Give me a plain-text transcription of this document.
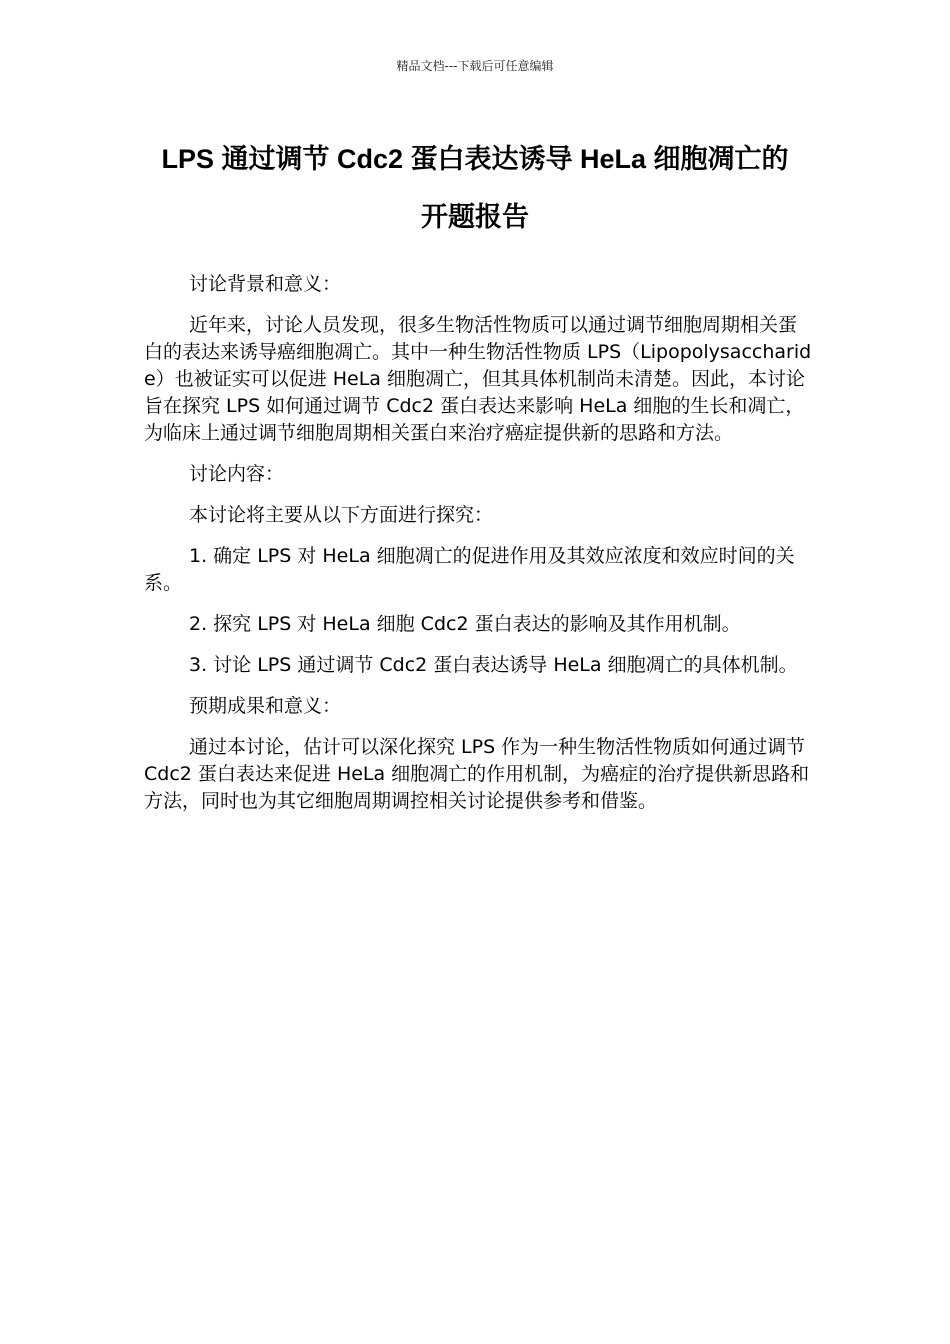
精品文档---下载后可任意编辑
LPS 通过调节 Cdc2 蛋白表达诱导 HeLa 细胞凋亡的
开题报告

讨论背景和意义：

近年来，讨论人员发现，很多生物活性物质可以通过调节细胞周期相关蛋白的表达来诱导癌细胞凋亡。其中一种生物活性物质 LPS（Lipopolysaccharide）也被证实可以促进 HeLa 细胞凋亡，但其具体机制尚未清楚。因此，本讨论旨在探究 LPS 如何通过调节 Cdc2 蛋白表达来影响 HeLa 细胞的生长和凋亡，为临床上通过调节细胞周期相关蛋白来治疗癌症提供新的思路和方法。

讨论内容：

本讨论将主要从以下方面进行探究：

1. 确定 LPS 对 HeLa 细胞凋亡的促进作用及其效应浓度和效应时间的关系。

2. 探究 LPS 对 HeLa 细胞 Cdc2 蛋白表达的影响及其作用机制。

3. 讨论 LPS 通过调节 Cdc2 蛋白表达诱导 HeLa 细胞凋亡的具体机制。

预期成果和意义：

通过本讨论，估计可以深化探究 LPS 作为一种生物活性物质如何通过调节 Cdc2 蛋白表达来促进 HeLa 细胞凋亡的作用机制，为癌症的治疗提供新思路和方法，同时也为其它细胞周期调控相关讨论提供参考和借鉴。
